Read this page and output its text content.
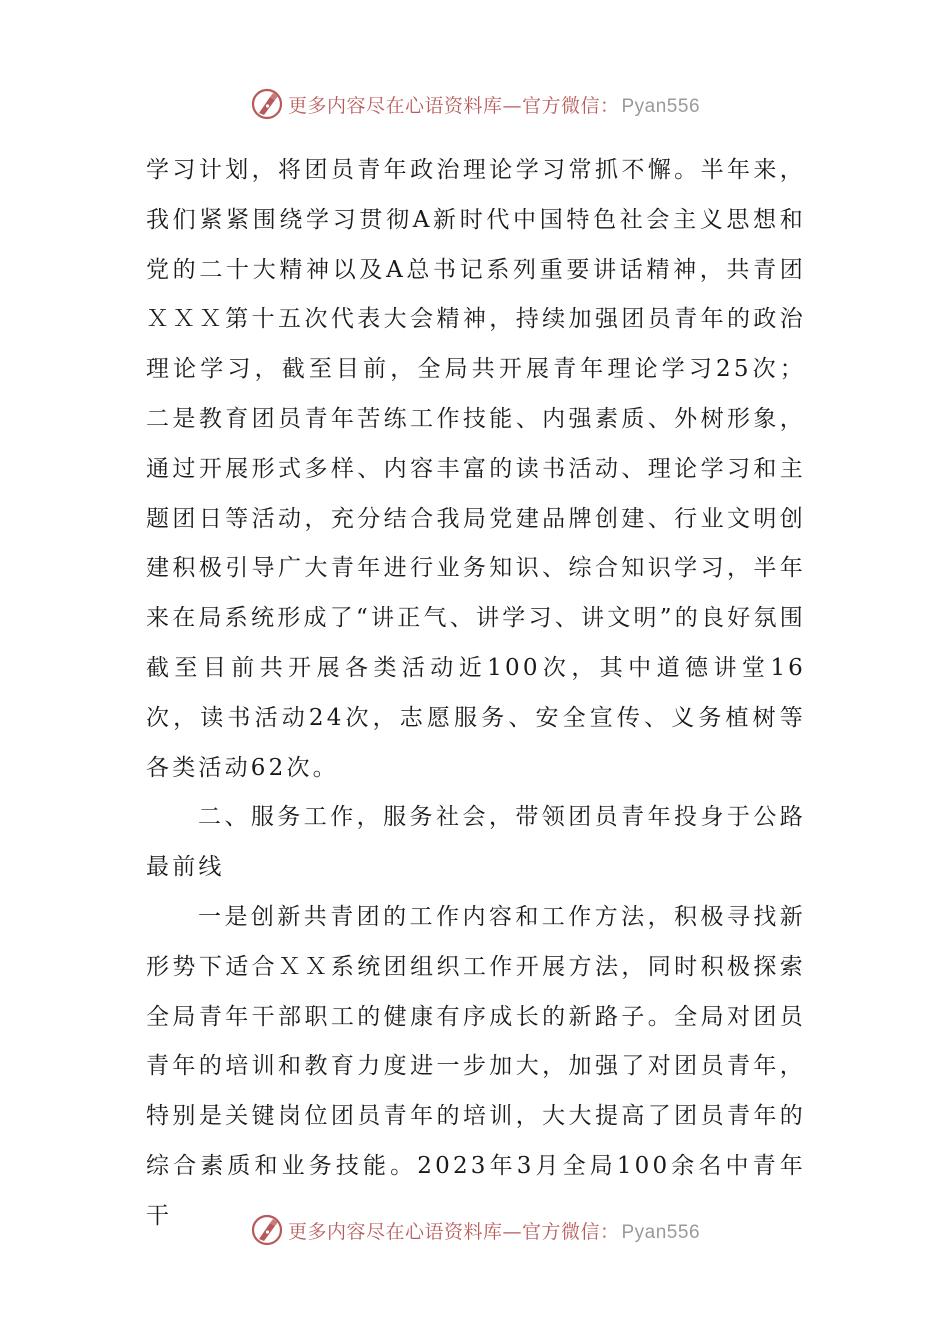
更多内容尽在心语资料库—官方微信： Pyan556

学习计划，将团员青年政治理论学习常抓不懈。半年来，我们紧紧围绕学习贯彻A新时代中国特色社会主义思想和党的二十大精神以及A总书记系列重要讲话精神，共青团ＸＸＸ第十五次代表大会精神，持续加强团员青年的政治理论学习，截至目前，全局共开展青年理论学习25次；二是教育团员青年苦练工作技能、内强素质、外树形象，通过开展形式多样、内容丰富的读书活动、理论学习和主题团日等活动，充分结合我局党建品牌创建、行业文明创建积极引导广大青年进行业务知识、综合知识学习，半年来在局系统形成了“讲正气、讲学习、讲文明”的良好氛围截至目前共开展各类活动近100次，其中道德讲堂16次，读书活动24次，志愿服务、安全宣传、义务植树等各类活动62次。

二、服务工作，服务社会，带领团员青年投身于公路最前线

一是创新共青团的工作内容和工作方法，积极寻找新形势下适合ＸＸ系统团组织工作开展方法，同时积极探索全局青年干部职工的健康有序成长的新路子。全局对团员青年的培训和教育力度进一步加大，加强了对团员青年，特别是关键岗位团员青年的培训，大大提高了团员青年的综合素质和业务技能。2023年3月全局100余名中青年干

更多内容尽在心语资料库—官方微信： Pyan556
